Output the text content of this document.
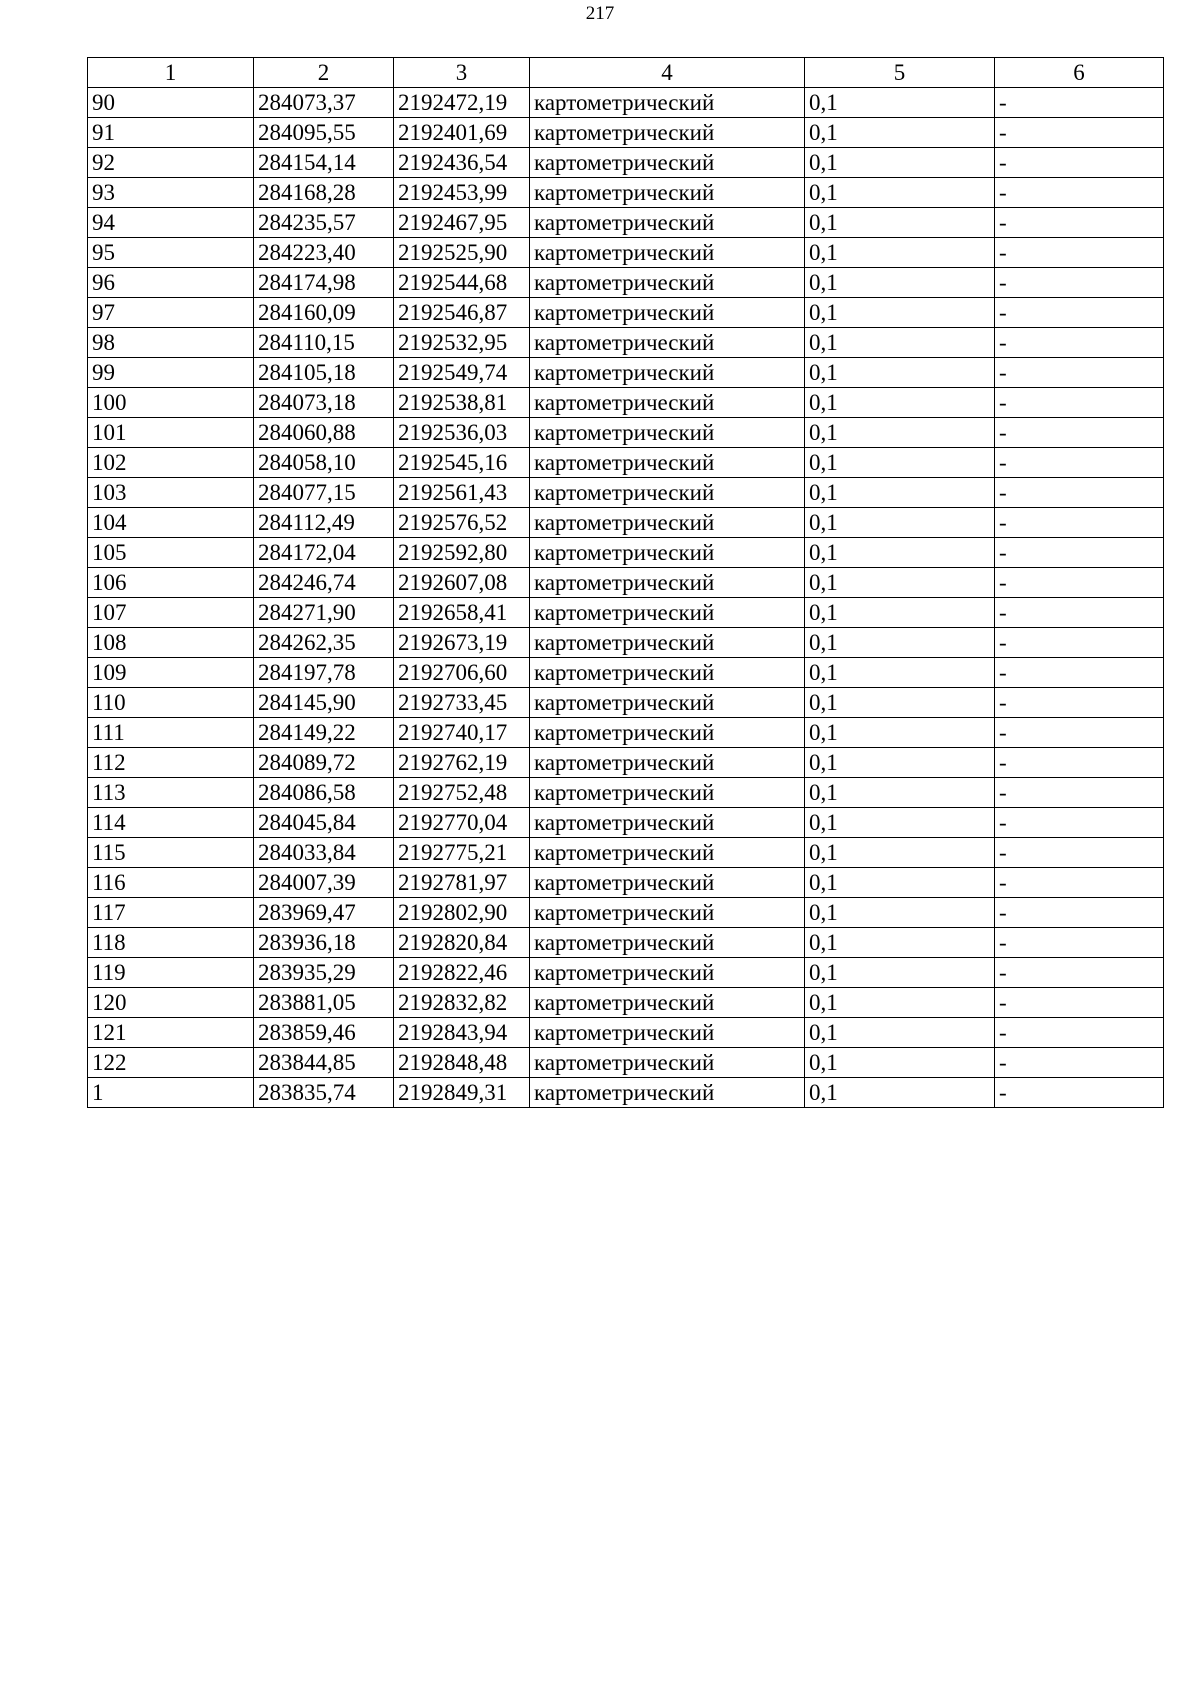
217
1	2	3	4	5	6
90	284073,37	2192472,19	картометрический	0,1	-
91	284095,55	2192401,69	картометрический	0,1	-
92	284154,14	2192436,54	картометрический	0,1	-
93	284168,28	2192453,99	картометрический	0,1	-
94	284235,57	2192467,95	картометрический	0,1	-
95	284223,40	2192525,90	картометрический	0,1	-
96	284174,98	2192544,68	картометрический	0,1	-
97	284160,09	2192546,87	картометрический	0,1	-
98	284110,15	2192532,95	картометрический	0,1	-
99	284105,18	2192549,74	картометрический	0,1	-
100	284073,18	2192538,81	картометрический	0,1	-
101	284060,88	2192536,03	картометрический	0,1	-
102	284058,10	2192545,16	картометрический	0,1	-
103	284077,15	2192561,43	картометрический	0,1	-
104	284112,49	2192576,52	картометрический	0,1	-
105	284172,04	2192592,80	картометрический	0,1	-
106	284246,74	2192607,08	картометрический	0,1	-
107	284271,90	2192658,41	картометрический	0,1	-
108	284262,35	2192673,19	картометрический	0,1	-
109	284197,78	2192706,60	картометрический	0,1	-
110	284145,90	2192733,45	картометрический	0,1	-
111	284149,22	2192740,17	картометрический	0,1	-
112	284089,72	2192762,19	картометрический	0,1	-
113	284086,58	2192752,48	картометрический	0,1	-
114	284045,84	2192770,04	картометрический	0,1	-
115	284033,84	2192775,21	картометрический	0,1	-
116	284007,39	2192781,97	картометрический	0,1	-
117	283969,47	2192802,90	картометрический	0,1	-
118	283936,18	2192820,84	картометрический	0,1	-
119	283935,29	2192822,46	картометрический	0,1	-
120	283881,05	2192832,82	картометрический	0,1	-
121	283859,46	2192843,94	картометрический	0,1	-
122	283844,85	2192848,48	картометрический	0,1	-
1	283835,74	2192849,31	картометрический	0,1	-
